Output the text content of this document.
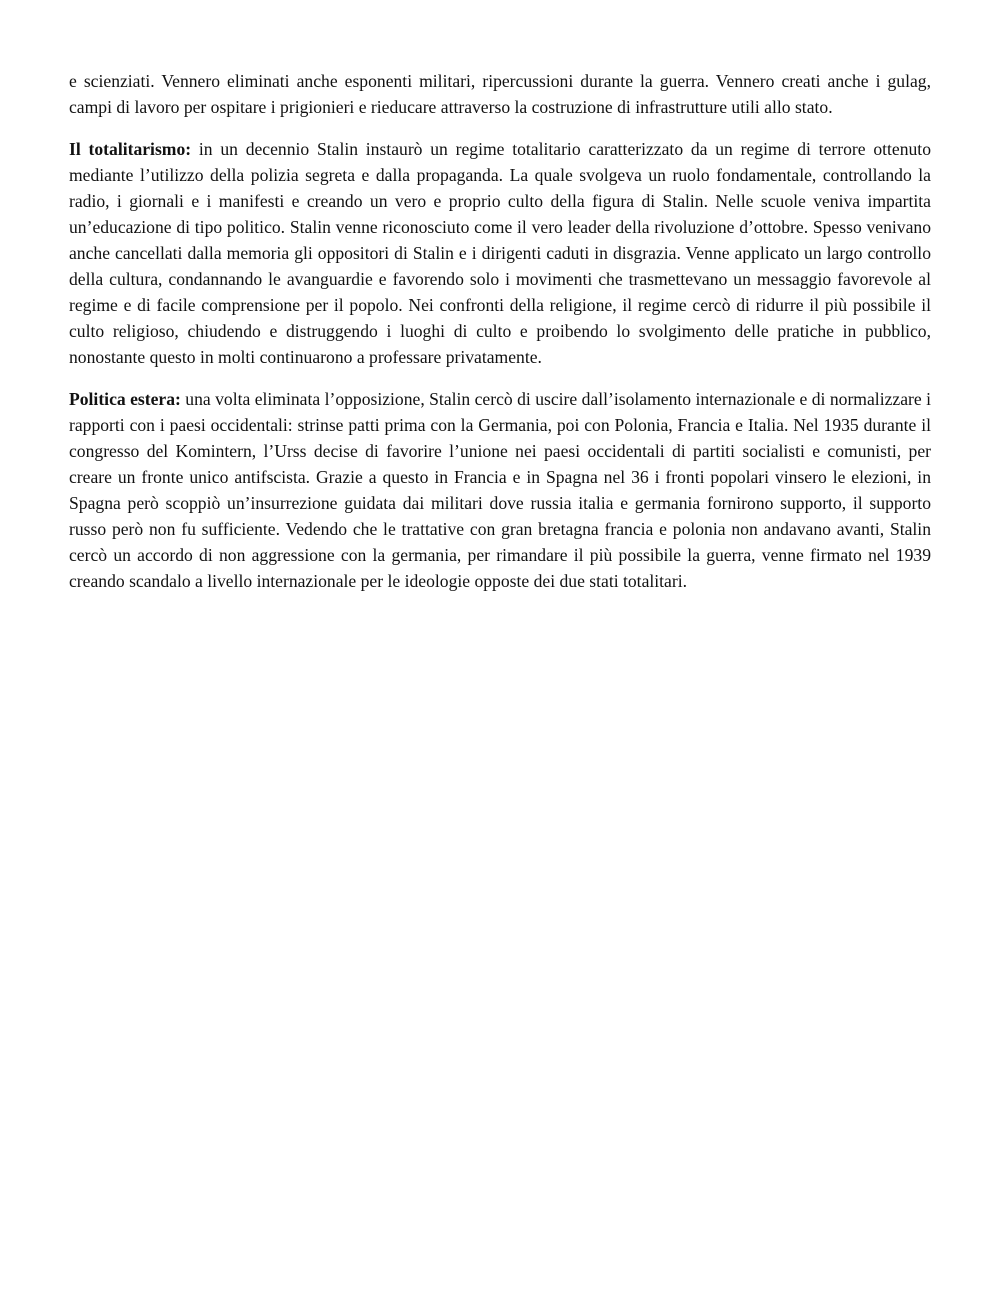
e scienziati. Vennero eliminati anche esponenti militari, ripercussioni durante la guerra. Vennero creati anche i gulag, campi di lavoro per ospitare i prigionieri e rieducare attraverso la costruzione di infrastrutture utili allo stato.

Il totalitarismo: in un decennio Stalin instaurò un regime totalitario caratterizzato da un regime di terrore ottenuto mediante l’utilizzo della polizia segreta e dalla propaganda. La quale svolgeva un ruolo fondamentale, controllando la radio, i giornali e i manifesti e creando un vero e proprio culto della figura di Stalin. Nelle scuole veniva impartita un’educazione di tipo politico. Stalin venne riconosciuto come il vero leader della rivoluzione d’ottobre. Spesso venivano anche cancellati dalla memoria gli oppositori di Stalin e i dirigenti caduti in disgrazia. Venne applicato un largo controllo della cultura, condannando le avanguardie e favorendo solo i movimenti che trasmettevano un messaggio favorevole al regime e di facile comprensione per il popolo. Nei confronti della religione, il regime cercò di ridurre il più possibile il culto religioso, chiudendo e distruggendo i luoghi di culto e proibendo lo svolgimento delle pratiche in pubblico, nonostante questo in molti continuarono a professare privatamente.

Politica estera: una volta eliminata l’opposizione, Stalin cercò di uscire dall’isolamento internazionale e di normalizzare i rapporti con i paesi occidentali: strinse patti prima con la Germania, poi con Polonia, Francia e Italia. Nel 1935 durante il congresso del Komintern, l’Urss decise di favorire l’unione nei paesi occidentali di partiti socialisti e comunisti, per creare un fronte unico antifscista. Grazie a questo in Francia e in Spagna nel 36 i fronti popolari vinsero le elezioni, in Spagna però scoppiò un’insurrezione guidata dai militari dove russia italia e germania fornirono supporto, il supporto russo però non fu sufficiente. Vedendo che le trattative con gran bretagna francia e polonia non andavano avanti, Stalin cercò un accordo di non aggressione con la germania, per rimandare il più possibile la guerra, venne firmato nel 1939 creando scandalo a livello internazionale per le ideologie opposte dei due stati totalitari.
